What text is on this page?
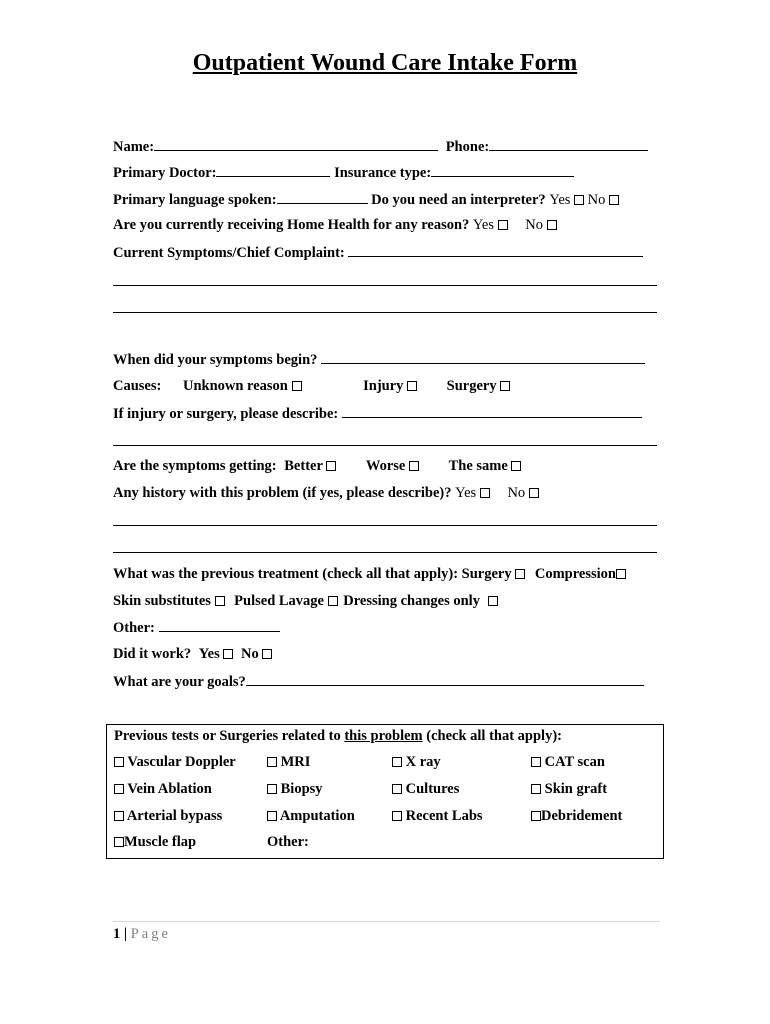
Outpatient Wound Care Intake Form
Name:	Phone:
Primary Doctor:	Insurance type:
Primary language spoken:	Do you need an interpreter? Yes No
Are you currently receiving Home Health for any reason? Yes No
Current Symptoms/Chief Complaint:
When did your symptoms begin?
Causes: Unknown reason	Injury	Surgery
If injury or surgery, please describe:
Are the symptoms getting: Better	Worse	The same
Any history with this problem (if yes, please describe)? Yes No
What was the previous treatment (check all that apply): Surgery Compression
Skin substitutes Pulsed Lavage Dressing changes only
Other:
Did it work? Yes No
What are your goals?
Previous tests or Surgeries related to this problem (check all that apply):
Vascular Doppler	MRI	X ray	CAT scan
Vein Ablation	Biopsy	Cultures	Skin graft
Arterial bypass	Amputation	Recent Labs	Debridement
Muscle flap	Other:
1 | Page
